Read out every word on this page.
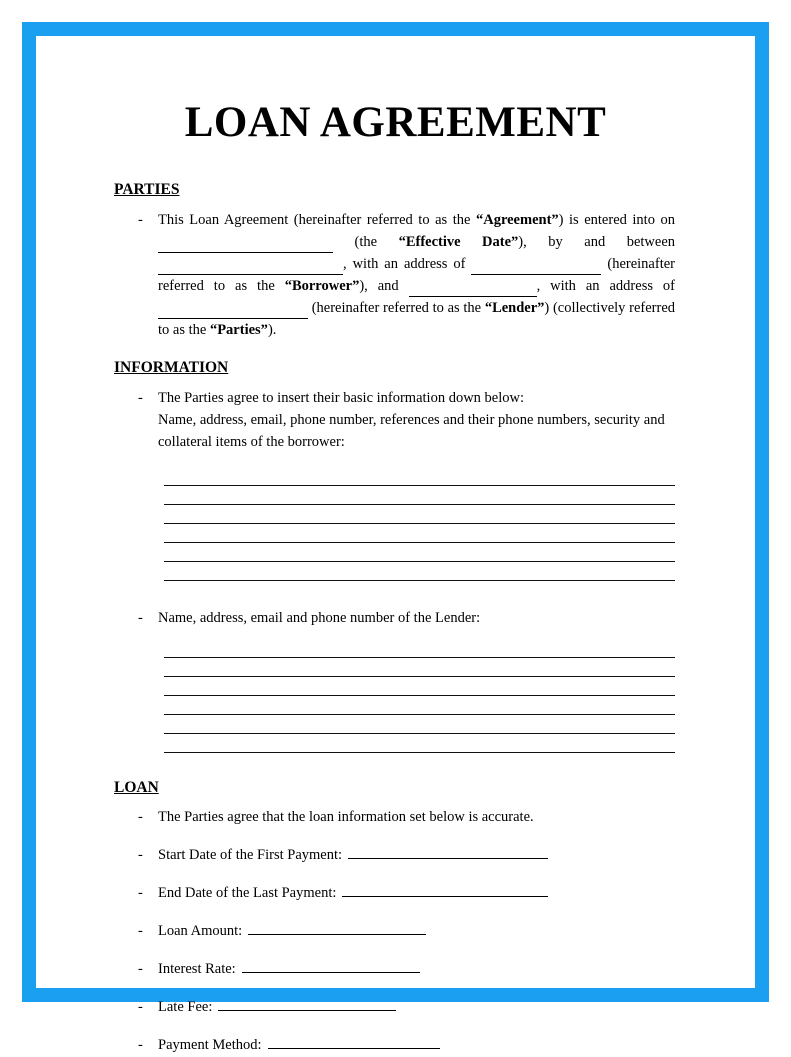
LOAN AGREEMENT
PARTIES
-	This Loan Agreement (hereinafter referred to as the “Agreement”) is entered into on  (the “Effective Date”), by and between , with an address of	(hereinafter referred to as the “Borrower”), and	, with an address of  (hereinafter referred to as the “Lender”) (collectively referred to as the “Parties”).
INFORMATION
-	The Parties agree to insert their basic information down below:
Name, address, email, phone number, references and their phone numbers, security and
collateral items of the borrower:
-	Name, address, email and phone number of the Lender:
LOAN
-	The Parties agree that the loan information set below is accurate.
-	Start Date of the First Payment:
-	End Date of the Last Payment:
-	Loan Amount:
-	Interest Rate:
-	Late Fee:
-	Payment Method:
